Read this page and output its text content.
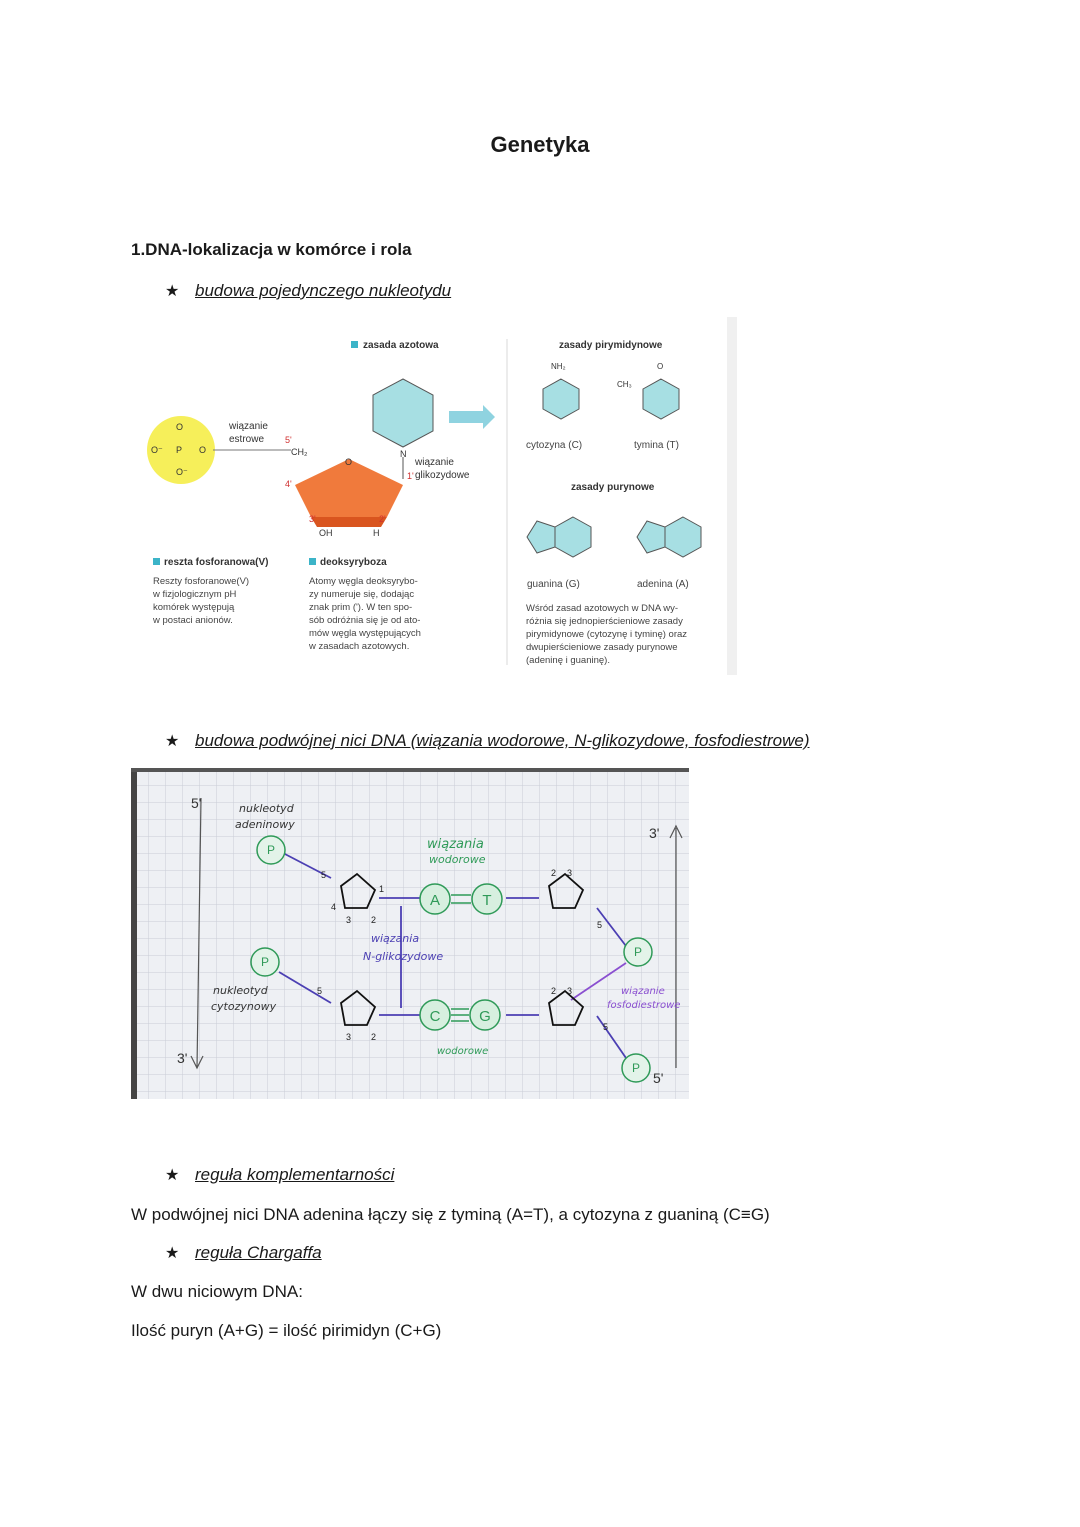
Genetyka
1.DNA-lokalizacja w komórce i rola
★ budowa pojedynczego nukleotydu
zasada azotowa
O
P
O⁻	O
O⁻
wiązanie
estrowe 5'
CH₂
O
4'
3'	2'
1'
OH	H
N
wiązanie
glikozydowe
reszta fosforanowa(V)
Reszty fosforanowe(V)
w fizjologicznym pH
komórek występują
w postaci anionów.
deoksyryboza
Atomy węgla deoksyrybo-
zy numeruje się, dodając
znak prim ('). W ten spo-
sób odróżnia się je od ato-
mów węgla występujących
w zasadach azotowych.
zasady pirymidynowe
NH₂
cytozyna (C)
CH₃
O
tymina (T)
zasady purynowe
guanina (G)	adenina (A)
Wśród zasad azotowych w DNA wy-
różnia się jednopierścieniowe zasady
pirymidynowe (cytozynę i tyminę) oraz
dwupierścieniowe zasady purynowe
(adeninę i guaninę).
★ budowa podwójnej nici DNA (wiązania wodorowe, N-glikozydowe, fosfodiestrowe)
5'
3'
3'
5'
nukleotyd
adeninowy
wiązania
wodorowe
wiązania
N-glikozydowe
nukleotyd
cytozynowy
wiązanie
fosfodiestrowe
wodorowe
P
P
P
P
A	T
C	G
5
4
3 2
1
5
3 2
2 3
5
2 3
5
★ reguła komplementarności
W podwójnej nici DNA adenina łączy się z tyminą (A=T), a cytozyna z guaniną (C≡G)
★ reguła Chargaffa
W dwu niciowym DNA:
Ilość puryn (A+G) = ilość pirimidyn (C+G)
